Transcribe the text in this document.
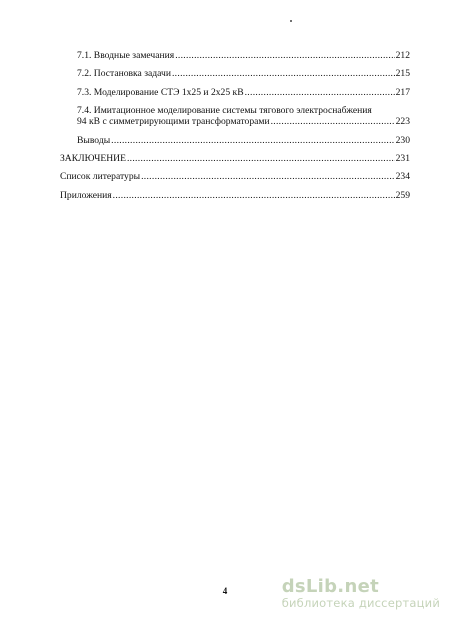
7.1. Вводные замечания .....	212
7.2. Постановка задачи .....	215
7.3. Моделирование СТЭ 1x25 и 2x25 кВ .....	217
7.4. Имитационное моделирование системы тягового электроснабжения
94 кВ с симметрирующими трансформаторами .....	223
Выводы .....	230
ЗАКЛЮЧЕНИЕ .....	231
Список литературы .....	234
Приложения .....	259
4	dsLib.net
библиотека диссертаций
